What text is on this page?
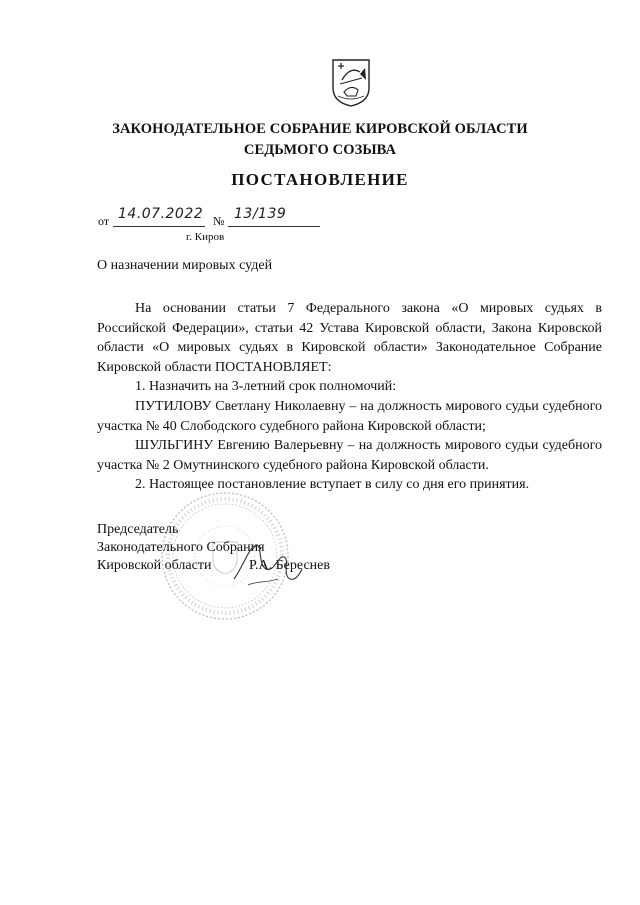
ЗАКОНОДАТЕЛЬНОЕ СОБРАНИЕ КИРОВСКОЙ ОБЛАСТИ
СЕДЬМОГО СОЗЫВА
ПОСТАНОВЛЕНИЕ
от 14.07.2022 № 13/139
г. Киров
О назначении мировых судей

На основании статьи 7 Федерального закона «О мировых судьях в Российской Федерации», статьи 42 Устава Кировской области, Закона Кировской области «О мировых судьях в Кировской области» Законодательное Собрание Кировской области ПОСТАНОВЛЯЕТ:

1. Назначить на 3-летний срок полномочий:

ПУТИЛОВУ Светлану Николаевну – на должность мирового судьи судебного участка № 40 Слободского судебного района Кировской области;

ШУЛЬГИНУ Евгению Валерьевну – на должность мирового судьи судебного участка № 2 Омутнинского судебного района Кировской области.

2. Настоящее постановление вступает в силу со дня его принятия.

Председатель
Законодательного Собрания
Кировской области	Р.А. Береснев
